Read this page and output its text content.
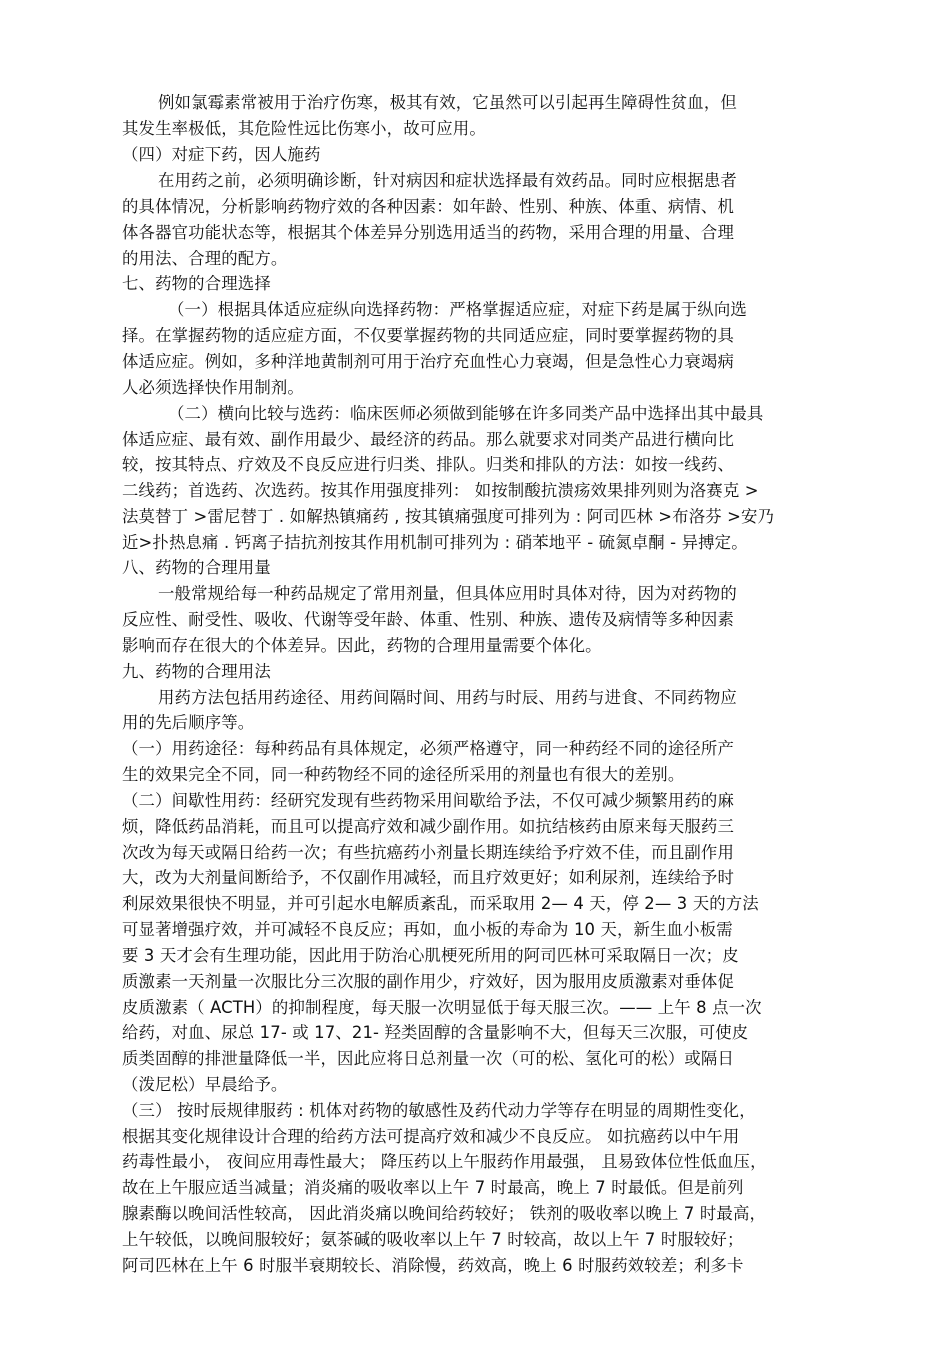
例如氯霉素常被用于治疗伤寒，极其有效，它虽然可以引起再生障碍性贫血，但
其发生率极低，其危险性远比伤寒小，故可应用。
（四）对症下药，因人施药
在用药之前，必须明确诊断，针对病因和症状选择最有效药品。同时应根据患者
的具体情况，分析影响药物疗效的各种因素：如年龄、性别、种族、体重、病情、机
体各器官功能状态等，根据其个体差异分别选用适当的药物，采用合理的用量、合理
的用法、合理的配方。
七、药物的合理选择
（一）根据具体适应症纵向选择药物：严格掌握适应症，对症下药是属于纵向选
择。在掌握药物的适应症方面，不仅要掌握药物的共同适应症，同时要掌握药物的具
体适应症。例如，多种洋地黄制剂可用于治疗充血性心力衰竭，但是急性心力衰竭病
人必须选择快作用制剂。
（二）横向比较与选药：临床医师必须做到能够在许多同类产品中选择出其中最具
体适应症、最有效、副作用最少、最经济的药品。那么就要求对同类产品进行横向比
较，按其特点、疗效及不良反应进行归类、排队。归类和排队的方法：如按一线药、
二线药；首选药、次选药。按其作用强度排列： 如按制酸抗溃疡效果排列则为洛赛克 >
法莫替丁 >雷尼替丁 . 如解热镇痛药 , 按其镇痛强度可排列为 : 阿司匹林 >布洛芬 >安乃
近>扑热息痛 . 钙离子拮抗剂按其作用机制可排列为 : 硝苯地平 - 硫氮卓酮 - 异搏定。
八、药物的合理用量
一般常规给每一种药品规定了常用剂量，但具体应用时具体对待，因为对药物的
反应性、耐受性、吸收、代谢等受年龄、体重、性别、种族、遗传及病情等多种因素
影响而存在很大的个体差异。因此，药物的合理用量需要个体化。
九、药物的合理用法
用药方法包括用药途径、用药间隔时间、用药与时辰、用药与进食、不同药物应
用的先后顺序等。
（一）用药途径：每种药品有具体规定，必须严格遵守，同一种药经不同的途径所产
生的效果完全不同，同一种药物经不同的途径所采用的剂量也有很大的差别。
（二）间歇性用药：经研究发现有些药物采用间歇给予法，不仅可减少频繁用药的麻
烦，降低药品消耗，而且可以提高疗效和减少副作用。如抗结核药由原来每天服药三
次改为每天或隔日给药一次；有些抗癌药小剂量长期连续给予疗效不佳，而且副作用
大，改为大剂量间断给予，不仅副作用减轻，而且疗效更好；如利尿剂，连续给予时
利尿效果很快不明显，并可引起水电解质紊乱，而采取用 2— 4 天，停 2— 3 天的方法
可显著增强疗效，并可减轻不良反应；再如，血小板的寿命为 10 天，新生血小板需
要 3 天才会有生理功能，因此用于防治心肌梗死所用的阿司匹林可采取隔日一次；皮
质激素一天剂量一次服比分三次服的副作用少，疗效好，因为服用皮质激素对垂体促
皮质激素（ ACTH）的抑制程度，每天服一次明显低于每天服三次。—— 上午 8 点一次
给药，对血、尿总 17- 或 17、21- 羟类固醇的含量影响不大，但每天三次服，可使皮
质类固醇的排泄量降低一半，因此应将日总剂量一次（可的松、氢化可的松）或隔日
（泼尼松）早晨给予。
（三） 按时辰规律服药 : 机体对药物的敏感性及药代动力学等存在明显的周期性变化，
根据其变化规律设计合理的给药方法可提高疗效和减少不良反应。 如抗癌药以中午用
药毒性最小， 夜间应用毒性最大； 降压药以上午服药作用最强， 且易致体位性低血压，
故在上午服应适当减量；消炎痛的吸收率以上午 7 时最高，晚上 7 时最低。但是前列
腺素酶以晚间活性较高， 因此消炎痛以晚间给药较好； 铁剂的吸收率以晚上 7 时最高，
上午较低，以晚间服较好；氨茶碱的吸收率以上午 7 时较高，故以上午 7 时服较好；
阿司匹林在上午 6 时服半衰期较长、消除慢，药效高，晚上 6 时服药效较差；利多卡
